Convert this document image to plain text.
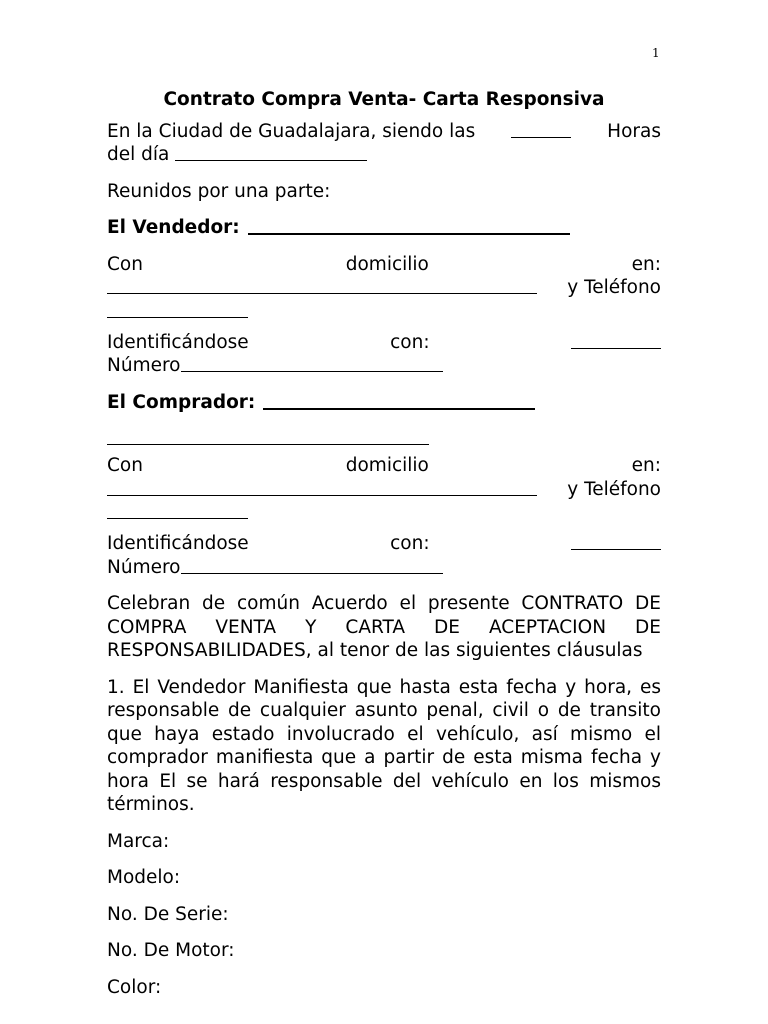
1
Contrato Compra Venta- Carta Responsiva
En la Ciudad de Guadalajara, siendo las	Horas
del día
Reunidos por una parte:
El Vendedor:
Con	domicilio	en:
y Teléfono
Identificándose	con:
Número
El Comprador:
Con	domicilio	en:
y Teléfono
Identificándose	con:
Número
Celebran de común Acuerdo el presente CONTRATO DE COMPRA VENTA Y CARTA DE ACEPTACION DE RESPONSABILIDADES, al tenor de las siguientes cláusulas
1. El Vendedor Manifiesta que hasta esta fecha y hora, es responsable de cualquier asunto penal, civil o de transito que haya estado involucrado el vehículo, así mismo el comprador manifiesta que a partir de esta misma fecha y hora El se hará responsable del vehículo en los mismos términos.
Marca:
Modelo:
No. De Serie:
No. De Motor:
Color:
